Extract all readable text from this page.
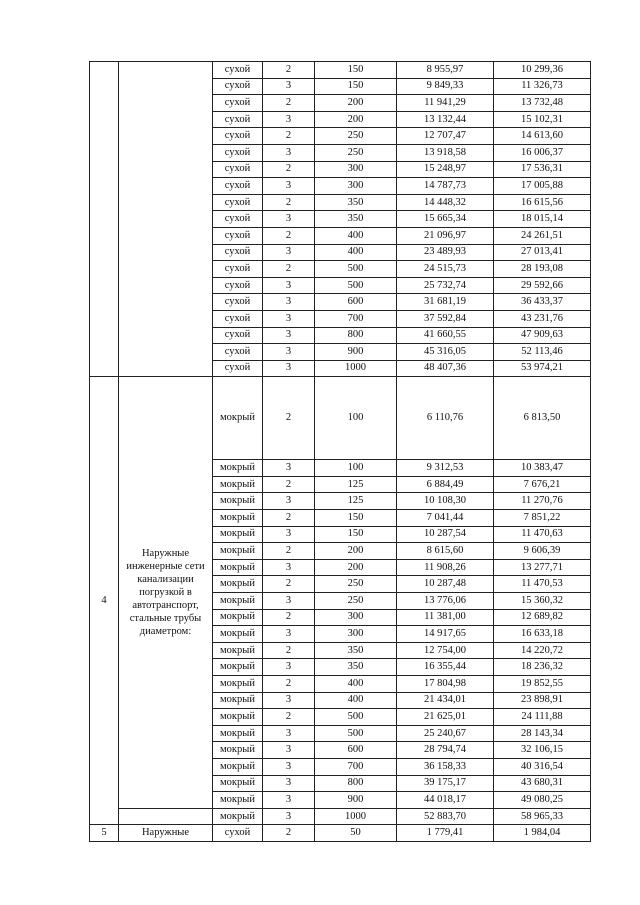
		сухой	2	150	8 955,97	10 299,36
		сухой	3	150	9 849,33	11 326,73
		сухой	2	200	11 941,29	13 732,48
		сухой	3	200	13 132,44	15 102,31
		сухой	2	250	12 707,47	14 613,60
		сухой	3	250	13 918,58	16 006,37
		сухой	2	300	15 248,97	17 536,31
		сухой	3	300	14 787,73	17 005,88
		сухой	2	350	14 448,32	16 615,56
		сухой	3	350	15 665,34	18 015,14
		сухой	2	400	21 096,97	24 261,51
		сухой	3	400	23 489,93	27 013,41
		сухой	2	500	24 515,73	28 193,08
		сухой	3	500	25 732,74	29 592,66
		сухой	3	600	31 681,19	36 433,37
		сухой	3	700	37 592,84	43 231,76
		сухой	3	800	41 660,55	47 909,63
		сухой	3	900	45 316,05	52 113,46
		сухой	3	1000	48 407,36	53 974,21
4	Наружные инженерные сети канализации погрузкой в автотранспорт, стальные трубы диаметром:	мокрый	2	100	6 110,76	6 813,50
		мокрый	3	100	9 312,53	10 383,47
		мокрый	2	125	6 884,49	7 676,21
		мокрый	3	125	10 108,30	11 270,76
		мокрый	2	150	7 041,44	7 851,22
		мокрый	3	150	10 287,54	11 470,63
		мокрый	2	200	8 615,60	9 606,39
		мокрый	3	200	11 908,26	13 277,71
		мокрый	2	250	10 287,48	11 470,53
		мокрый	3	250	13 776,06	15 360,32
		мокрый	2	300	11 381,00	12 689,82
		мокрый	3	300	14 917,65	16 633,18
		мокрый	2	350	12 754,00	14 220,72
		мокрый	3	350	16 355,44	18 236,32
		мокрый	2	400	17 804,98	19 852,55
		мокрый	3	400	21 434,01	23 898,91
		мокрый	2	500	21 625,01	24 111,88
		мокрый	3	500	25 240,67	28 143,34
		мокрый	3	600	28 794,74	32 106,15
		мокрый	3	700	36 158,33	40 316,54
		мокрый	3	800	39 175,17	43 680,31
		мокрый	3	900	44 018,17	49 080,25
		мокрый	3	1000	52 883,70	58 965,33
5	Наружные	сухой	2	50	1 779,41	1 984,04
